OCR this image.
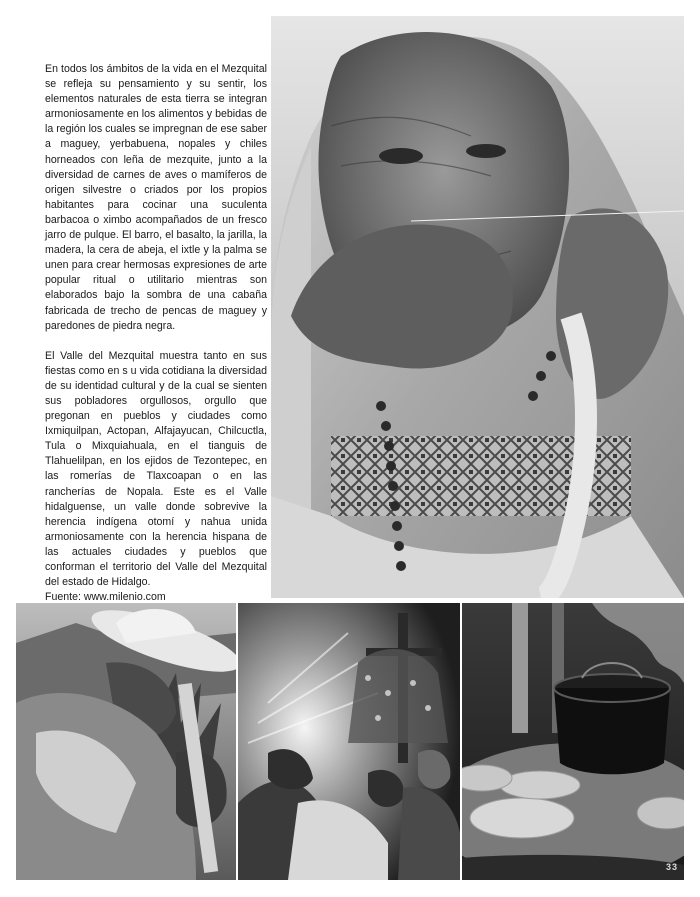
En todos los ámbitos de la vida en el Mezquital se refleja su pensamiento y su sentir, los elementos naturales de esta tierra se integran armoniosamente en los alimentos y bebidas de la región los cuales se impregnan de ese saber a maguey, yerbabuena, nopales y chiles horneados con leña de mezquite, junto a la diversidad de carnes de aves o mamíferos de origen silvestre o criados por los propios habitantes para cocinar una suculenta barbacoa o ximbo acompañados de un fresco jarro de pulque. El barro, el basalto, la jarilla, la madera, la cera de abeja, el ixtle y la palma se unen para crear hermosas expresiones de arte popular ritual o utilitario mientras son elaborados bajo la sombra de una cabaña fabricada de trecho de pencas de maguey y paredones de piedra negra.

El Valle del Mezquital muestra tanto en sus fiestas como en s u vida cotidiana la diversidad de su identidad cultural y de la cual se sienten sus pobladores orgullosos, orgullo que pregonan en pueblos y ciudades como Ixmiquilpan, Actopan, Alfajayucan, Chilcuctla, Tula o Mixquiahuala, en el tianguis de Tlahuelilpan, en los ejidos de Tezontepec, en las romerías de Tlaxcoapan o en las rancherías de Nopala. Este es el Valle hidalguense, un valle donde sobrevive la herencia indígena otomí y nahua unida armoniosamente con la herencia hispana de las actuales ciudades y pueblos que conforman el territorio del Valle del Mezquital del estado de Hidalgo.
Fuente: www.milenio.com

33
